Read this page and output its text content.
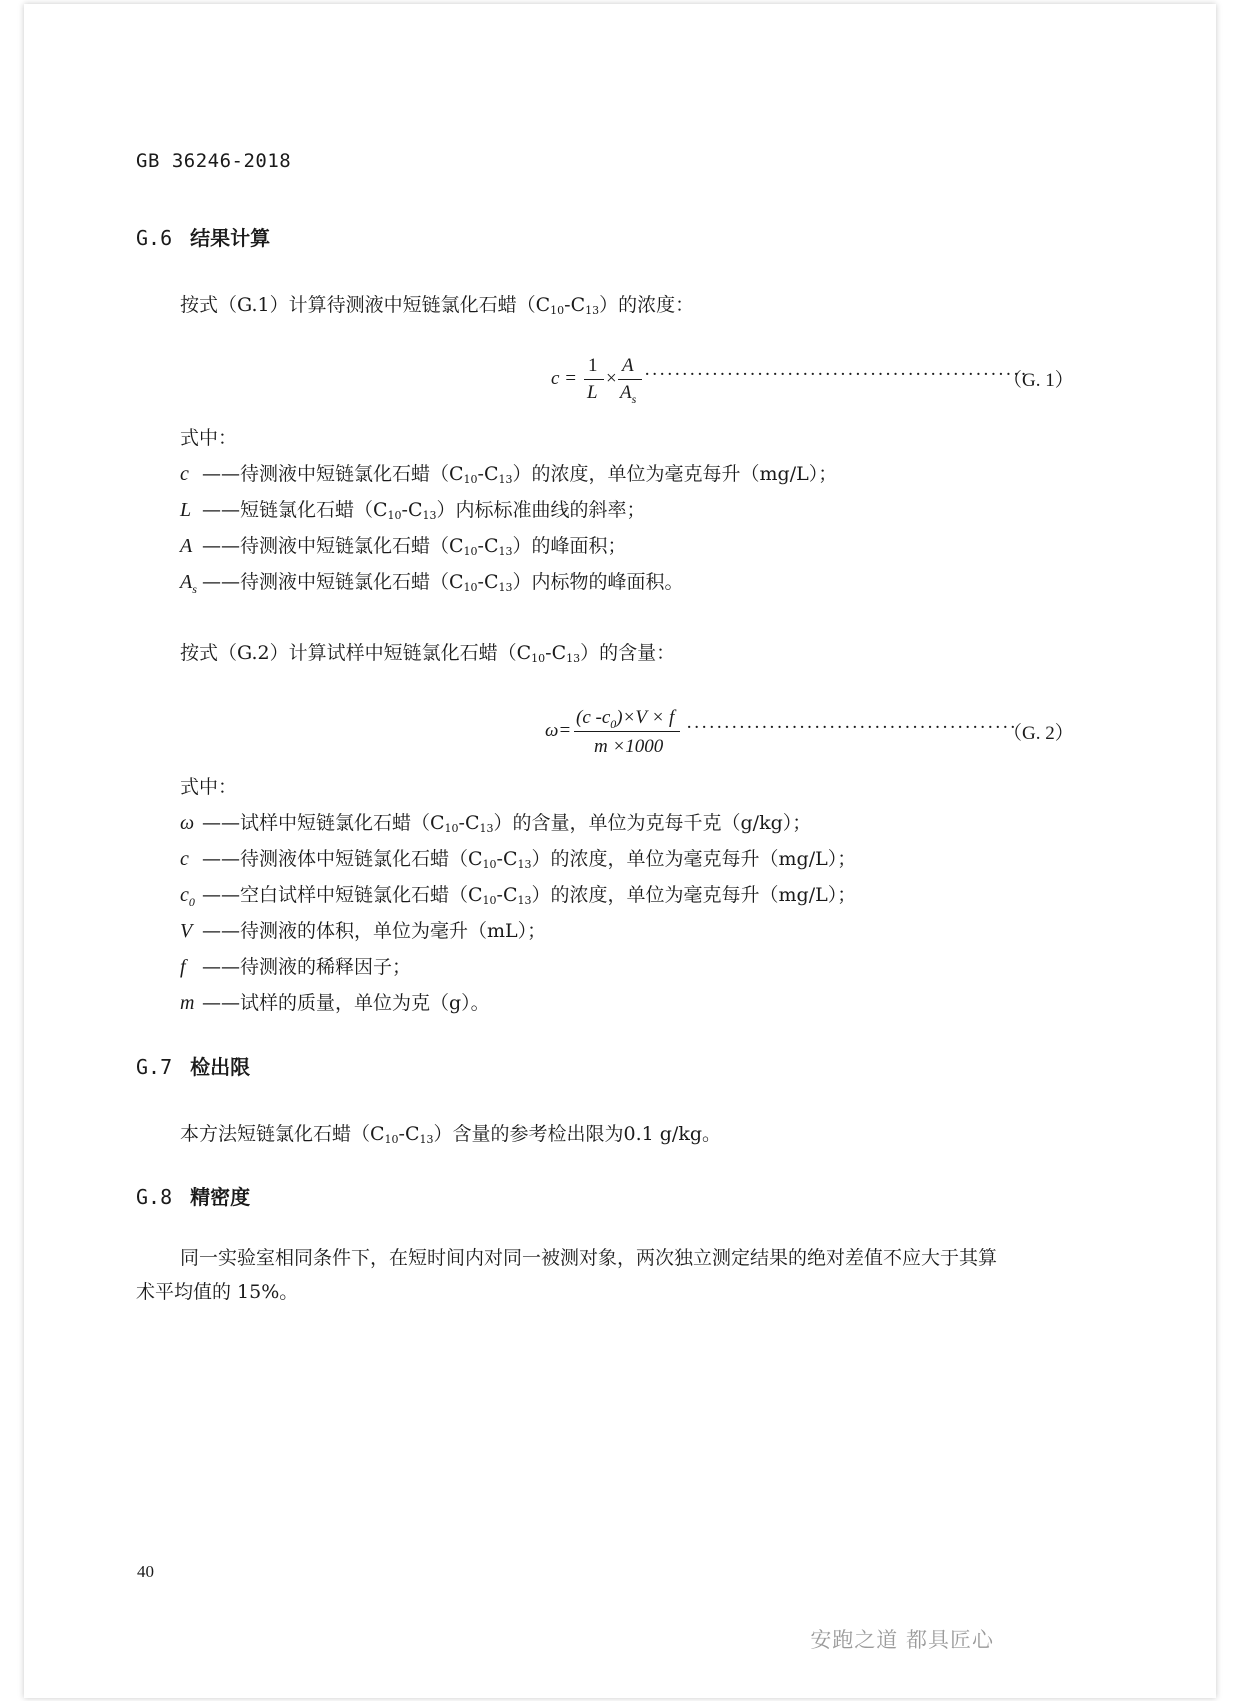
GB 36246-2018
G.6 结果计算
按式（G.1）计算待测液中短链氯化石蜡$(C_{10}-C_{13})$的浓度：
c =
1
L
×
A
$A_s$
···················································
（G. 1）
式中：
c ——待测液中短链氯化石蜡$(C_{10}-C_{13})$的浓度，单位为毫克每升（mg/L）；
L ——短链氯化石蜡$(C_{10}-C_{13})$内标标准曲线的斜率；
A ——待测液中短链氯化石蜡$(C_{10}-C_{13})$的峰面积；
$A_s$ ——待测液中短链氯化石蜡$(C_{10}-C_{13})$内标物的峰面积。
按式（G.2）计算试样中短链氯化石蜡$(C_{10}-C_{13})$的含量：
ω=
(c $-c_0)\times V \times f$
m ×1000
············································
（G. 2）
式中：
ω ——试样中短链氯化石蜡$(C_{10}-C_{13})$的含量，单位为克每千克（g/kg）；
c ——待测液体中短链氯化石蜡$(C_{10}-C_{13})$的浓度，单位为毫克每升（mg/L）；
$c_0$ ——空白试样中短链氯化石蜡$(C_{10}-C_{13})$的浓度，单位为毫克每升（mg/L）；
V ——待测液的体积，单位为毫升（mL）；
f ——待测液的稀释因子；
m ——试样的质量，单位为克（g）。
G.7 检出限
本方法短链氯化石蜡$(C_{10}-C_{13})$含量的参考检出限为0.1 g/kg。
G.8 精密度
同一实验室相同条件下，在短时间内对同一被测对象，两次独立测定结果的绝对差值不应大于其算
术平均值的 15%。
40
安跑之道 都具匠心
